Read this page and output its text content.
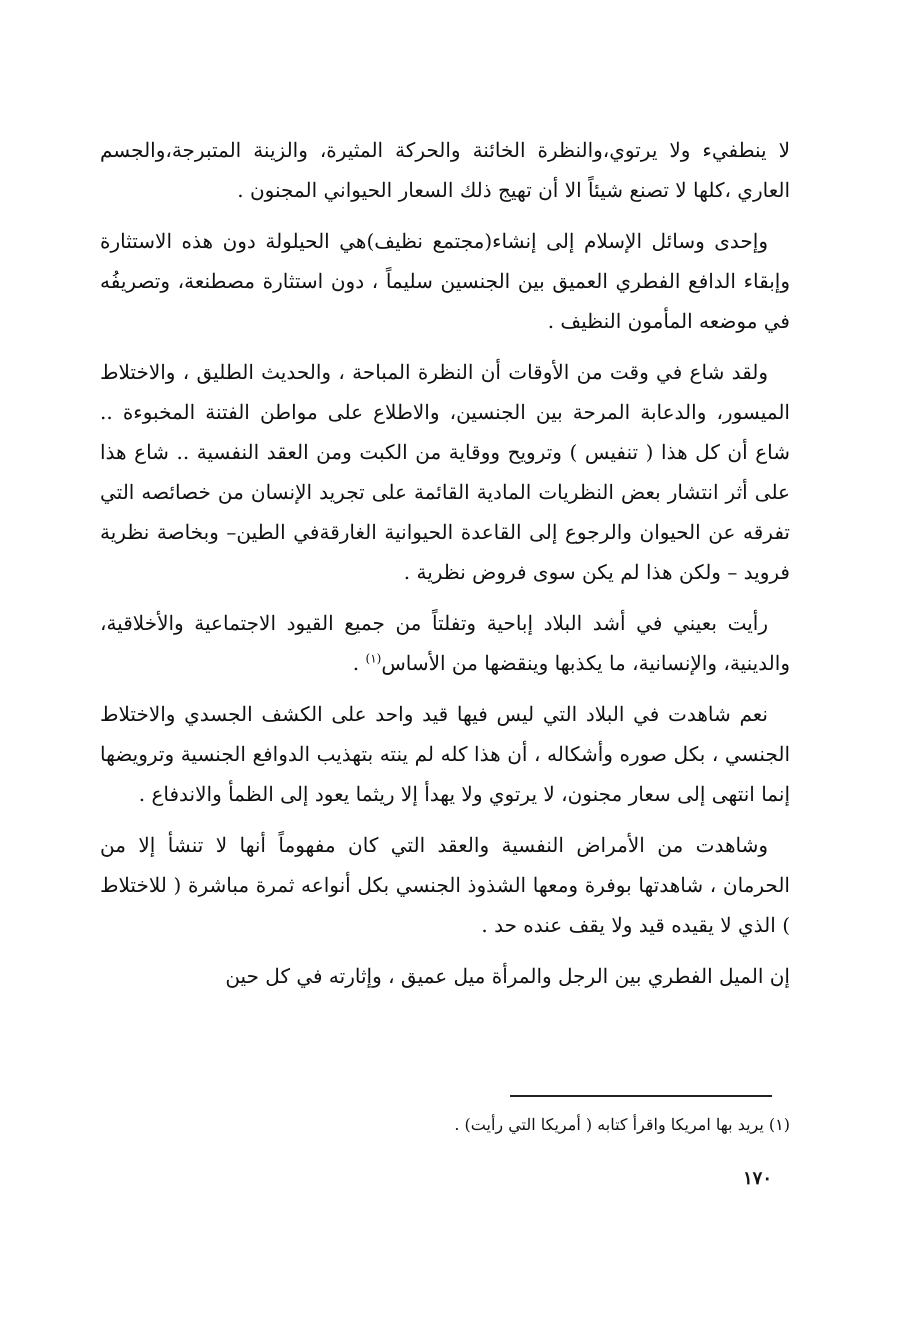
لا ينطفيء ولا يرتوي،والنظرة الخائنة والحركة المثيرة، والزينة المتبرجة،والجسم العاري ،كلها لا تصنع شيئاً الا أن تهيج ذلك السعار الحيواني المجنون .

وإحدى وسائل الإسلام إلى إنشاء(مجتمع نظيف)هي الحيلولة دون هذه الاستثارة وإبقاء الدافع الفطري العميق بين الجنسين سليماً ، دون استثارة مصطنعة، وتصريفُه في موضعه المأمون النظيف .

ولقد شاع في وقت من الأوقات أن النظرة المباحة ، والحديث الطليق ، والاختلاط الميسور، والدعابة المرحة بين الجنسين، والاطلاع على مواطن الفتنة المخبوءة .. شاع أن كل هذا ( تنفيس ) وترويح ووقاية من الكبت ومن العقد النفسية .. شاع هذا على أثر انتشار بعض النظريات المادية القائمة على تجريد الإنسان من خصائصه التي تفرقه عن الحيوان والرجوع إلى القاعدة الحيوانية الغارقةفي الطين– وبخاصة نظرية فرويد – ولكن هذا لم يكن سوى فروض نظرية .

رأيت بعيني في أشد البلاد إباحية وتفلتاً من جميع القيود الاجتماعية والأخلاقية، والدينية، والإنسانية، ما يكذبها وينقضها من الأساس$^{(١)}$ .

نعم شاهدت في البلاد التي ليس فيها قيد واحد على الكشف الجسدي والاختلاط الجنسي ، بكل صوره وأشكاله ، أن هذا كله لم ينته بتهذيب الدوافع الجنسية وترويضها إنما انتهى إلى سعار مجنون، لا يرتوي ولا يهدأ إلا ريثما يعود إلى الظمأ والاندفاع .

وشاهدت من الأمراض النفسية والعقد التي كان مفهوماً أنها لا تنشأ إلا من الحرمان ، شاهدتها بوفرة ومعها الشذوذ الجنسي بكل أنواعه ثمرة مباشرة ( للاختلاط ) الذي لا يقيده قيد ولا يقف عنده حد .

إن الميل الفطري بين الرجل والمرأة ميل عميق ، وإثارته في كل حين

(١) يريد بها امريكا واقرأ كتابه ( أمريكا التي رأيت) .
١٧٠
